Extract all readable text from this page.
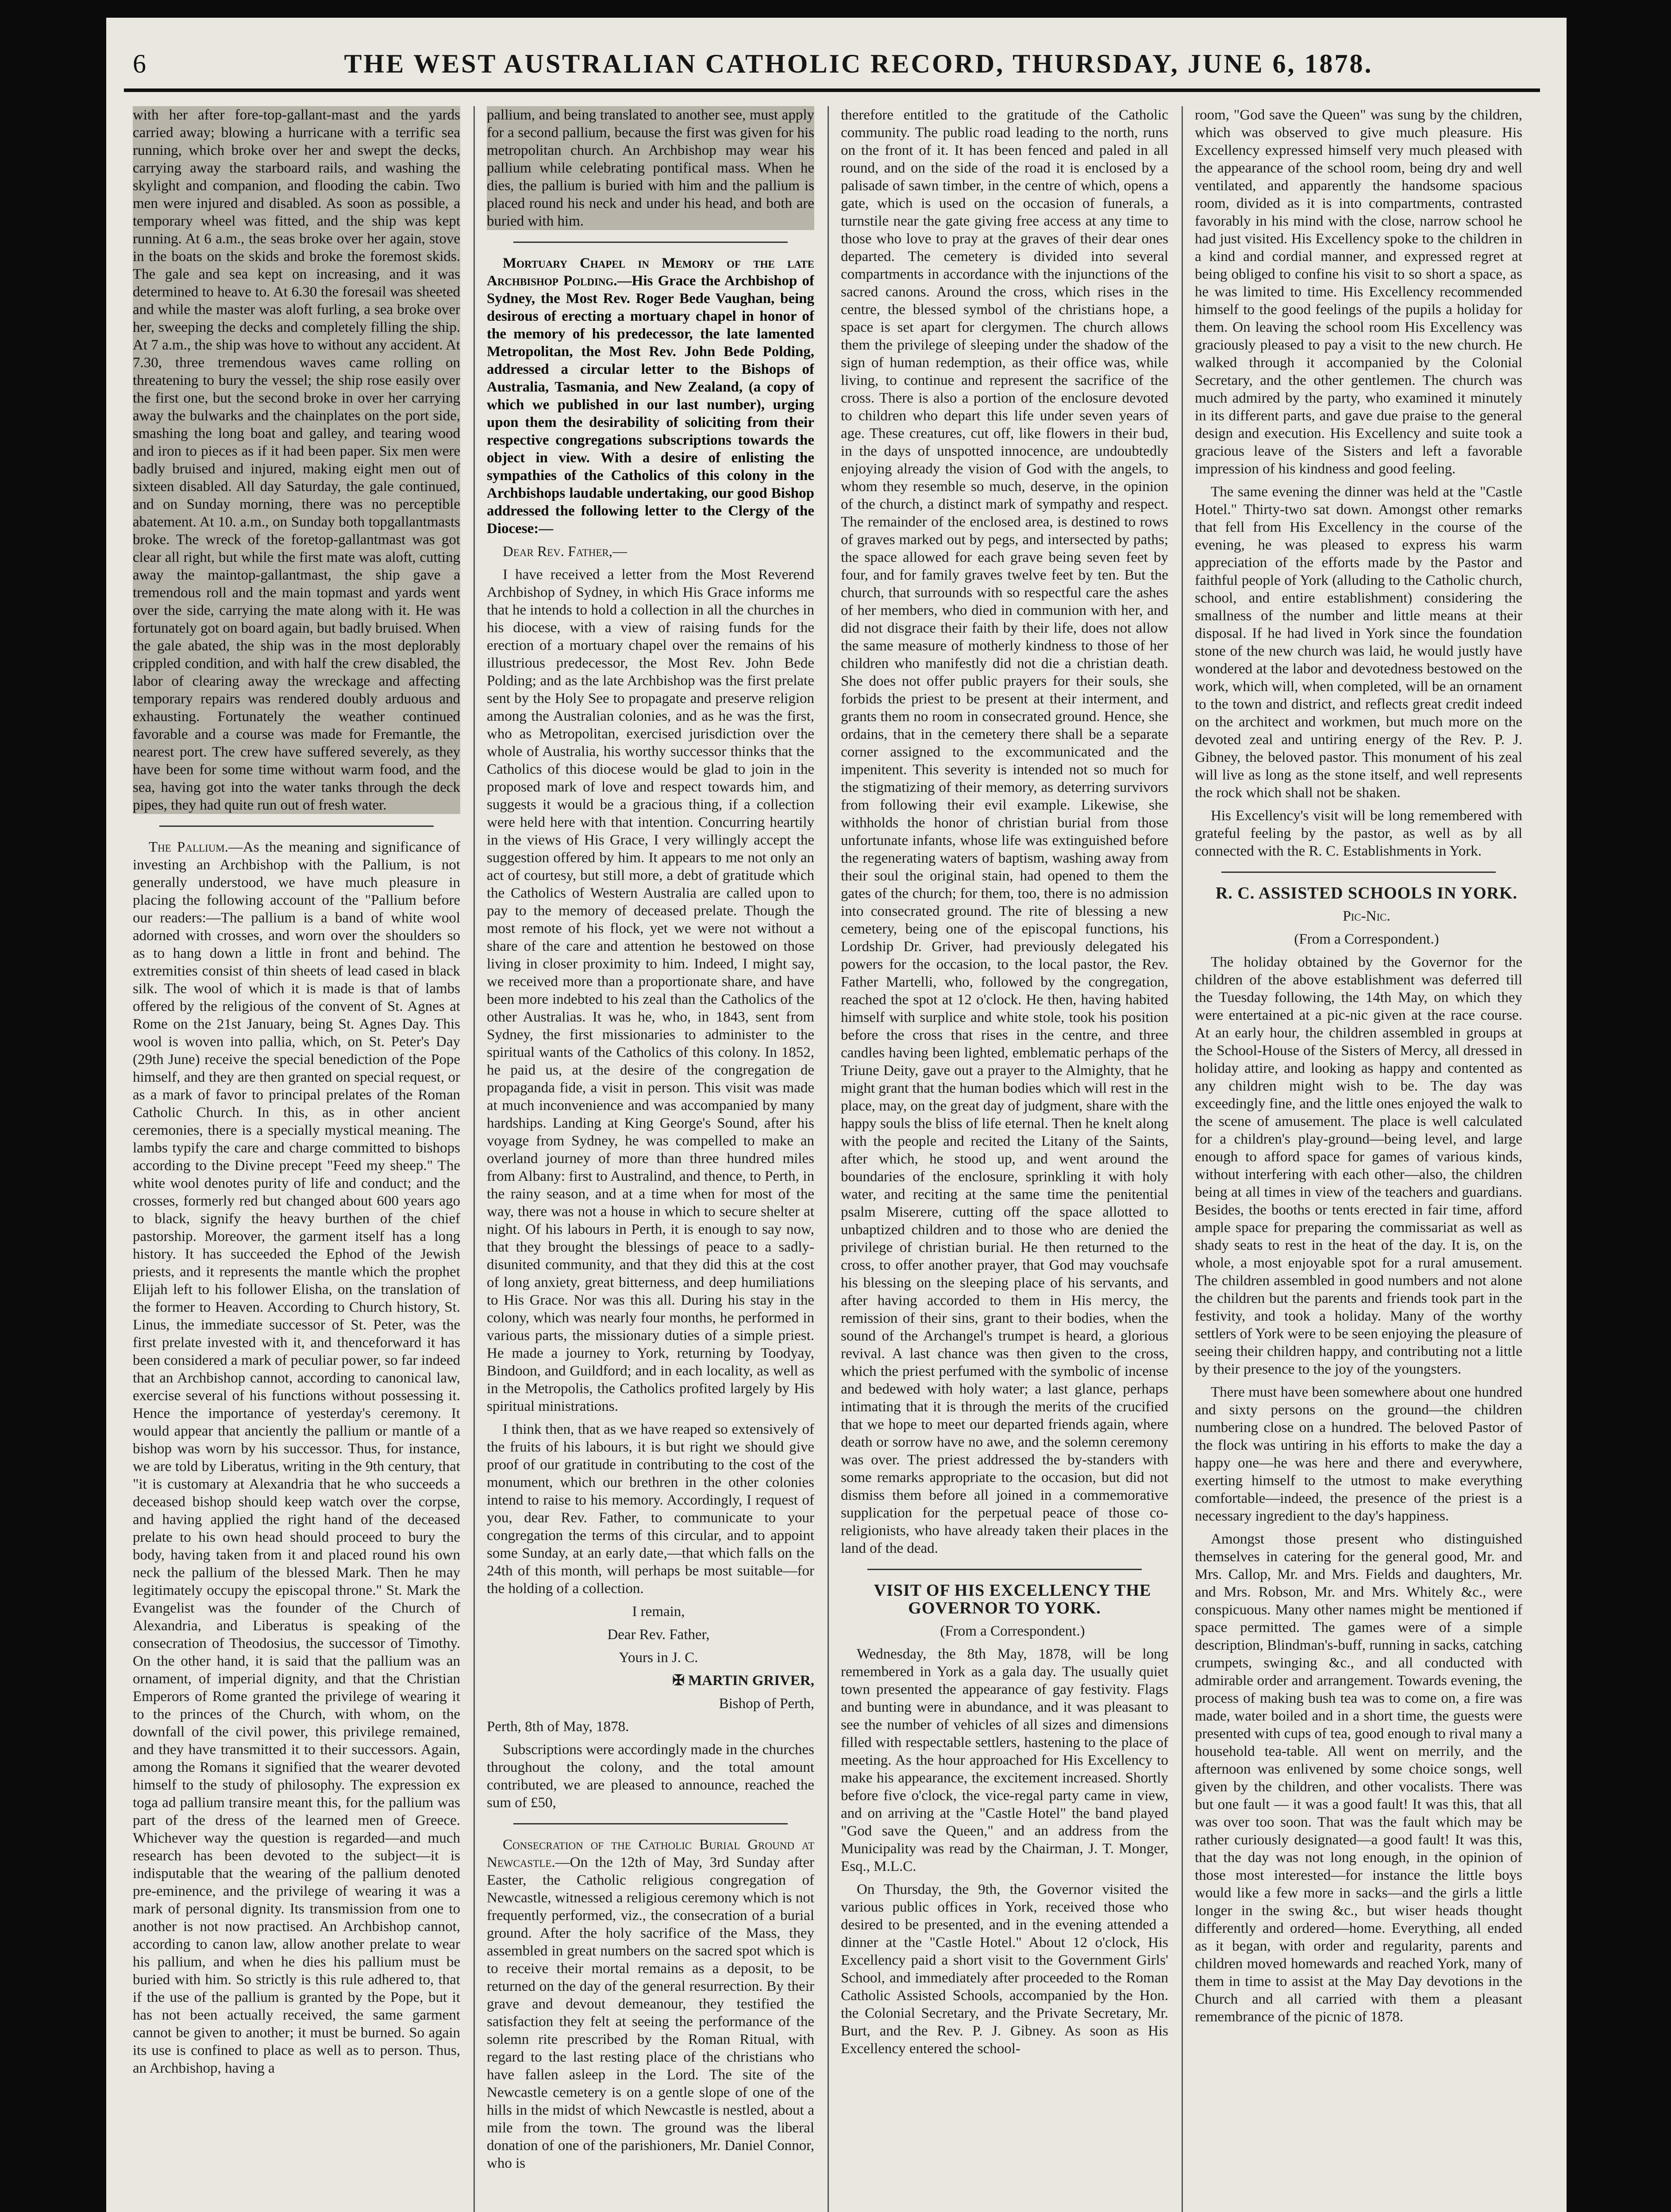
6	THE WEST AUSTRALIAN CATHOLIC RECORD, THURSDAY, JUNE 6, 1878.

with her after fore-top-gallant-mast and the yards carried away; blowing a hurricane with a terrific sea running, which broke over her and swept the decks, carrying away the starboard rails, and washing the skylight and companion, and flooding the cabin. Two men were injured and disabled. As soon as possible, a temporary wheel was fitted, and the ship was kept running. At 6 a.m., the seas broke over her again, stove in the boats on the skids and broke the foremost skids. The gale and sea kept on increasing, and it was determined to heave to. At 6.30 the foresail was sheeted and while the master was aloft furling, a sea broke over her, sweeping the decks and completely filling the ship. At 7 a.m., the ship was hove to without any accident. At 7.30, three tremendous waves came rolling on threatening to bury the vessel; the ship rose easily over the first one, but the second broke in over her carrying away the bulwarks and the chainplates on the port side, smashing the long boat and galley, and tearing wood and iron to pieces as if it had been paper. Six men were badly bruised and injured, making eight men out of sixteen disabled. All day Saturday, the gale continued, and on Sunday morning, there was no perceptible abatement. At 10. a.m., on Sunday both topgallantmasts broke. The wreck of the foretop-gallantmast was got clear all right, but while the first mate was aloft, cutting away the maintop-gallantmast, the ship gave a tremendous roll and the main topmast and yards went over the side, carrying the mate along with it. He was fortunately got on board again, but badly bruised. When the gale abated, the ship was in the most deplorably crippled condition, and with half the crew disabled, the labor of clearing away the wreckage and affecting temporary repairs was rendered doubly arduous and exhausting. Fortunately the weather continued favorable and a course was made for Fremantle, the nearest port. The crew have suffered severely, as they have been for some time without warm food, and the sea, having got into the water tanks through the deck pipes, they had quite run out of fresh water.

The Pallium.—As the meaning and significance of investing an Archbishop with the Pallium, is not generally understood, we have much pleasure in placing the following account of the "Pallium before our readers:—The pallium is a band of white wool adorned with crosses, and worn over the shoulders so as to hang down a little in front and behind. The extremities consist of thin sheets of lead cased in black silk. The wool of which it is made is that of lambs offered by the religious of the convent of St. Agnes at Rome on the 21st January, being St. Agnes Day. This wool is woven into pallia, which, on St. Peter's Day (29th June) receive the special benediction of the Pope himself, and they are then granted on special request, or as a mark of favor to principal prelates of the Roman Catholic Church. In this, as in other ancient ceremonies, there is a specially mystical meaning. The lambs typify the care and charge committed to bishops according to the Divine precept "Feed my sheep." The white wool denotes purity of life and conduct; and the crosses, formerly red but changed about 600 years ago to black, signify the heavy burthen of the chief pastorship. Moreover, the garment itself has a long history. It has succeeded the Ephod of the Jewish priests, and it represents the mantle which the prophet Elijah left to his follower Elisha, on the translation of the former to Heaven. According to Church history, St. Linus, the immediate successor of St. Peter, was the first prelate invested with it, and thenceforward it has been considered a mark of peculiar power, so far indeed that an Archbishop cannot, according to canonical law, exercise several of his functions without possessing it. Hence the importance of yesterday's ceremony. It would appear that anciently the pallium or mantle of a bishop was worn by his successor. Thus, for instance, we are told by Liberatus, writing in the 9th century, that "it is customary at Alexandria that he who succeeds a deceased bishop should keep watch over the corpse, and having applied the right hand of the deceased prelate to his own head should proceed to bury the body, having taken from it and placed round his own neck the pallium of the blessed Mark. Then he may legitimately occupy the episcopal throne." St. Mark the Evangelist was the founder of the Church of Alexandria, and Liberatus is speaking of the consecration of Theodosius, the successor of Timothy. On the other hand, it is said that the pallium was an ornament, of imperial dignity, and that the Christian Emperors of Rome granted the privilege of wearing it to the princes of the Church, with whom, on the downfall of the civil power, this privilege remained, and they have transmitted it to their successors. Again, among the Romans it signified that the wearer devoted himself to the study of philosophy. The expression ex toga ad pallium transire meant this, for the pallium was part of the dress of the learned men of Greece. Whichever way the question is regarded—and much research has been devoted to the subject—it is indisputable that the wearing of the pallium denoted pre-eminence, and the privilege of wearing it was a mark of personal dignity. Its transmission from one to another is not now practised. An Archbishop cannot, according to canon law, allow another prelate to wear his pallium, and when he dies his pallium must be buried with him. So strictly is this rule adhered to, that if the use of the pallium is granted by the Pope, but it has not been actually received, the same garment cannot be given to another; it must be burned. So again its use is confined to place as well as to person. Thus, an Archbishop, having a

pallium, and being translated to another see, must apply for a second pallium, because the first was given for his metropolitan church. An Archbishop may wear his pallium while celebrating pontifical mass. When he dies, the pallium is buried with him and the pallium is placed round his neck and under his head, and both are buried with him.

Mortuary Chapel in Memory of the late Archbishop Polding.—His Grace the Archbishop of Sydney, the Most Rev. Roger Bede Vaughan, being desirous of erecting a mortuary chapel in honor of the memory of his predecessor, the late lamented Metropolitan, the Most Rev. John Bede Polding, addressed a circular letter to the Bishops of Australia, Tasmania, and New Zealand, (a copy of which we published in our last number), urging upon them the desirability of soliciting from their respective congregations subscriptions towards the object in view. With a desire of enlisting the sympathies of the Catholics of this colony in the Archbishops laudable undertaking, our good Bishop addressed the following letter to the Clergy of the Diocese:—

Dear Rev. Father,—

I have received a letter from the Most Reverend Archbishop of Sydney, in which His Grace informs me that he intends to hold a collection in all the churches in his diocese, with a view of raising funds for the erection of a mortuary chapel over the remains of his illustrious predecessor, the Most Rev. John Bede Polding; and as the late Archbishop was the first prelate sent by the Holy See to propagate and preserve religion among the Australian colonies, and as he was the first, who as Metropolitan, exercised jurisdiction over the whole of Australia, his worthy successor thinks that the Catholics of this diocese would be glad to join in the proposed mark of love and respect towards him, and suggests it would be a gracious thing, if a collection were held here with that intention. Concurring heartily in the views of His Grace, I very willingly accept the suggestion offered by him. It appears to me not only an act of courtesy, but still more, a debt of gratitude which the Catholics of Western Australia are called upon to pay to the memory of deceased prelate. Though the most remote of his flock, yet we were not without a share of the care and attention he bestowed on those living in closer proximity to him. Indeed, I might say, we received more than a proportionate share, and have been more indebted to his zeal than the Catholics of the other Australias. It was he, who, in 1843, sent from Sydney, the first missionaries to administer to the spiritual wants of the Catholics of this colony. In 1852, he paid us, at the desire of the congregation de propaganda fide, a visit in person. This visit was made at much inconvenience and was accompanied by many hardships. Landing at King George's Sound, after his voyage from Sydney, he was compelled to make an overland journey of more than three hundred miles from Albany: first to Australind, and thence, to Perth, in the rainy season, and at a time when for most of the way, there was not a house in which to secure shelter at night. Of his labours in Perth, it is enough to say now, that they brought the blessings of peace to a sadly-disunited community, and that they did this at the cost of long anxiety, great bitterness, and deep humiliations to His Grace. Nor was this all. During his stay in the colony, which was nearly four months, he performed in various parts, the missionary duties of a simple priest. He made a journey to York, returning by Toodyay, Bindoon, and Guildford; and in each locality, as well as in the Metropolis, the Catholics profited largely by His spiritual ministrations.

I think then, that as we have reaped so extensively of the fruits of his labours, it is but right we should give proof of our gratitude in contributing to the cost of the monument, which our brethren in the other colonies intend to raise to his memory. Accordingly, I request of you, dear Rev. Father, to communicate to your congregation the terms of this circular, and to appoint some Sunday, at an early date,—that which falls on the 24th of this month, will perhaps be most suitable—for the holding of a collection.

I remain,

Dear Rev. Father,

Yours in J. C.

✠ MARTIN GRIVER,

Bishop of Perth,

Perth, 8th of May, 1878.

Subscriptions were accordingly made in the churches throughout the colony, and the total amount contributed, we are pleased to announce, reached the sum of £50,

Consecration of the Catholic Burial Ground at Newcastle.—On the 12th of May, 3rd Sunday after Easter, the Catholic religious congregation of Newcastle, witnessed a religious ceremony which is not frequently performed, viz., the consecration of a burial ground. After the holy sacrifice of the Mass, they assembled in great numbers on the sacred spot which is to receive their mortal remains as a deposit, to be returned on the day of the general resurrection. By their grave and devout demeanour, they testified the satisfaction they felt at seeing the performance of the solemn rite prescribed by the Roman Ritual, with regard to the last resting place of the christians who have fallen asleep in the Lord. The site of the Newcastle cemetery is on a gentle slope of one of the hills in the midst of which Newcastle is nestled, about a mile from the town. The ground was the liberal donation of one of the parishioners, Mr. Daniel Connor, who is

therefore entitled to the gratitude of the Catholic community. The public road leading to the north, runs on the front of it. It has been fenced and paled in all round, and on the side of the road it is enclosed by a palisade of sawn timber, in the centre of which, opens a gate, which is used on the occasion of funerals, a turnstile near the gate giving free access at any time to those who love to pray at the graves of their dear ones departed. The cemetery is divided into several compartments in accordance with the injunctions of the sacred canons. Around the cross, which rises in the centre, the blessed symbol of the christians hope, a space is set apart for clergymen. The church allows them the privilege of sleeping under the shadow of the sign of human redemption, as their office was, while living, to continue and represent the sacrifice of the cross. There is also a portion of the enclosure devoted to children who depart this life under seven years of age. These creatures, cut off, like flowers in their bud, in the days of unspotted innocence, are undoubtedly enjoying already the vision of God with the angels, to whom they resemble so much, deserve, in the opinion of the church, a distinct mark of sympathy and respect. The remainder of the enclosed area, is destined to rows of graves marked out by pegs, and intersected by paths; the space allowed for each grave being seven feet by four, and for family graves twelve feet by ten. But the church, that surrounds with so respectful care the ashes of her members, who died in communion with her, and did not disgrace their faith by their life, does not allow the same measure of motherly kindness to those of her children who manifestly did not die a christian death. She does not offer public prayers for their souls, she forbids the priest to be present at their interment, and grants them no room in consecrated ground. Hence, she ordains, that in the cemetery there shall be a separate corner assigned to the excommunicated and the impenitent. This severity is intended not so much for the stigmatizing of their memory, as deterring survivors from following their evil example. Likewise, she withholds the honor of christian burial from those unfortunate infants, whose life was extinguished before the regenerating waters of baptism, washing away from their soul the original stain, had opened to them the gates of the church; for them, too, there is no admission into consecrated ground. The rite of blessing a new cemetery, being one of the episcopal functions, his Lordship Dr. Griver, had previously delegated his powers for the occasion, to the local pastor, the Rev. Father Martelli, who, followed by the congregation, reached the spot at 12 o'clock. He then, having habited himself with surplice and white stole, took his position before the cross that rises in the centre, and three candles having been lighted, emblematic perhaps of the Triune Deity, gave out a prayer to the Almighty, that he might grant that the human bodies which will rest in the place, may, on the great day of judgment, share with the happy souls the bliss of life eternal. Then he knelt along with the people and recited the Litany of the Saints, after which, he stood up, and went around the boundaries of the enclosure, sprinkling it with holy water, and reciting at the same time the penitential psalm Miserere, cutting off the space allotted to unbaptized children and to those who are denied the privilege of christian burial. He then returned to the cross, to offer another prayer, that God may vouchsafe his blessing on the sleeping place of his servants, and after having accorded to them in His mercy, the remission of their sins, grant to their bodies, when the sound of the Archangel's trumpet is heard, a glorious revival. A last chance was then given to the cross, which the priest perfumed with the symbolic of incense and bedewed with holy water; a last glance, perhaps intimating that it is through the merits of the crucified that we hope to meet our departed friends again, where death or sorrow have no awe, and the solemn ceremony was over. The priest addressed the by-standers with some remarks appropriate to the occasion, but did not dismiss them before all joined in a commemorative supplication for the perpetual peace of those co-religionists, who have already taken their places in the land of the dead.

VISIT OF HIS EXCELLENCY THE GOVERNOR TO YORK.

(From a Correspondent.)

Wednesday, the 8th May, 1878, will be long remembered in York as a gala day. The usually quiet town presented the appearance of gay festivity. Flags and bunting were in abundance, and it was pleasant to see the number of vehicles of all sizes and dimensions filled with respectable settlers, hastening to the place of meeting. As the hour approached for His Excellency to make his appearance, the excitement increased. Shortly before five o'clock, the vice-regal party came in view, and on arriving at the "Castle Hotel" the band played "God save the Queen," and an address from the Municipality was read by the Chairman, J. T. Monger, Esq., M.L.C.

On Thursday, the 9th, the Governor visited the various public offices in York, received those who desired to be presented, and in the evening attended a dinner at the "Castle Hotel." About 12 o'clock, His Excellency paid a short visit to the Government Girls' School, and immediately after proceeded to the Roman Catholic Assisted Schools, accompanied by the Hon. the Colonial Secretary, and the Private Secretary, Mr. Burt, and the Rev. P. J. Gibney. As soon as His Excellency entered the school-

room, "God save the Queen" was sung by the children, which was observed to give much pleasure. His Excellency expressed himself very much pleased with the appearance of the school room, being dry and well ventilated, and apparently the handsome spacious room, divided as it is into compartments, contrasted favorably in his mind with the close, narrow school he had just visited. His Excellency spoke to the children in a kind and cordial manner, and expressed regret at being obliged to confine his visit to so short a space, as he was limited to time. His Excellency recommended himself to the good feelings of the pupils a holiday for them. On leaving the school room His Excellency was graciously pleased to pay a visit to the new church. He walked through it accompanied by the Colonial Secretary, and the other gentlemen. The church was much admired by the party, who examined it minutely in its different parts, and gave due praise to the general design and execution. His Excellency and suite took a gracious leave of the Sisters and left a favorable impression of his kindness and good feeling.

The same evening the dinner was held at the "Castle Hotel." Thirty-two sat down. Amongst other remarks that fell from His Excellency in the course of the evening, he was pleased to express his warm appreciation of the efforts made by the Pastor and faithful people of York (alluding to the Catholic church, school, and entire establishment) considering the smallness of the number and little means at their disposal. If he had lived in York since the foundation stone of the new church was laid, he would justly have wondered at the labor and devotedness bestowed on the work, which will, when completed, will be an ornament to the town and district, and reflects great credit indeed on the architect and workmen, but much more on the devoted zeal and untiring energy of the Rev. P. J. Gibney, the beloved pastor. This monument of his zeal will live as long as the stone itself, and well represents the rock which shall not be shaken.

His Excellency's visit will be long remembered with grateful feeling by the pastor, as well as by all connected with the R. C. Establishments in York.

R. C. ASSISTED SCHOOLS IN YORK.

Pic-Nic.

(From a Correspondent.)

The holiday obtained by the Governor for the children of the above establishment was deferred till the Tuesday following, the 14th May, on which they were entertained at a pic-nic given at the race course. At an early hour, the children assembled in groups at the School-House of the Sisters of Mercy, all dressed in holiday attire, and looking as happy and contented as any children might wish to be. The day was exceedingly fine, and the little ones enjoyed the walk to the scene of amusement. The place is well calculated for a children's play-ground—being level, and large enough to afford space for games of various kinds, without interfering with each other—also, the children being at all times in view of the teachers and guardians. Besides, the booths or tents erected in fair time, afford ample space for preparing the commissariat as well as shady seats to rest in the heat of the day. It is, on the whole, a most enjoyable spot for a rural amusement. The children assembled in good numbers and not alone the children but the parents and friends took part in the festivity, and took a holiday. Many of the worthy settlers of York were to be seen enjoying the pleasure of seeing their children happy, and contributing not a little by their presence to the joy of the youngsters.

There must have been somewhere about one hundred and sixty persons on the ground—the children numbering close on a hundred. The beloved Pastor of the flock was untiring in his efforts to make the day a happy one—he was here and there and everywhere, exerting himself to the utmost to make everything comfortable—indeed, the presence of the priest is a necessary ingredient to the day's happiness.

Amongst those present who distinguished themselves in catering for the general good, Mr. and Mrs. Callop, Mr. and Mrs. Fields and daughters, Mr. and Mrs. Robson, Mr. and Mrs. Whitely &c., were conspicuous. Many other names might be mentioned if space permitted. The games were of a simple description, Blindman's-buff, running in sacks, catching crumpets, swinging &c., and all conducted with admirable order and arrangement. Towards evening, the process of making bush tea was to come on, a fire was made, water boiled and in a short time, the guests were presented with cups of tea, good enough to rival many a household tea-table. All went on merrily, and the afternoon was enlivened by some choice songs, well given by the children, and other vocalists. There was but one fault — it was a good fault! It was this, that all was over too soon. That was the fault which may be rather curiously designated—a good fault! It was this, that the day was not long enough, in the opinion of those most interested—for instance the little boys would like a few more in sacks—and the girls a little longer in the swing &c., but wiser heads thought differently and ordered—home. Everything, all ended as it began, with order and regularity, parents and children moved homewards and reached York, many of them in time to assist at the May Day devotions in the Church and all carried with them a pleasant remembrance of the picnic of 1878.
